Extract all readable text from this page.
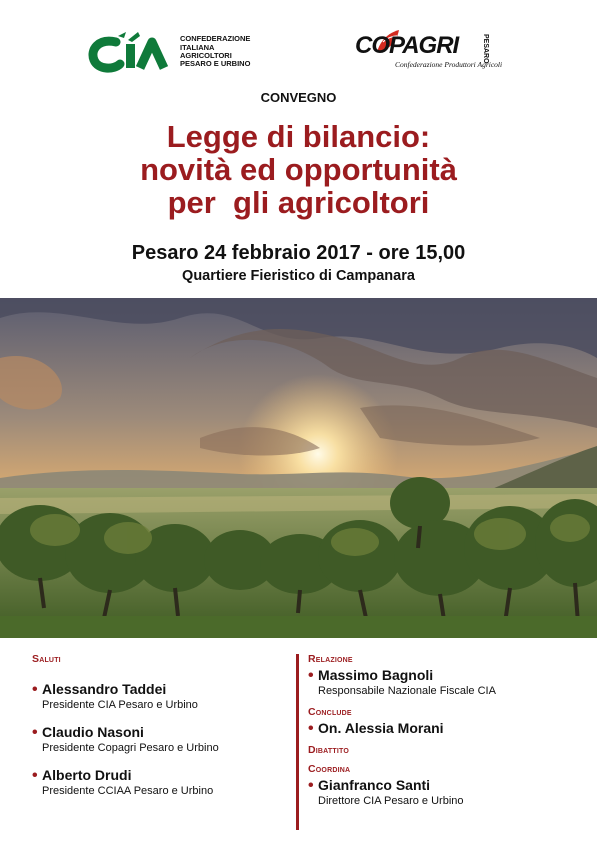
CONFEDERAZIONE
ITALIANA
AGRICOLTORI
PESARO E URBINO
COPAGRI
Confederazione Produttori Agricoli
PESARO
CONVEGNO
Legge di bilancio:
novità ed opportunità
per  gli agricoltori
Pesaro 24 febbraio 2017 - ore 15,00
Quartiere Fieristico di Campanara
Saluti
• Alessandro Taddei
Presidente CIA Pesaro e Urbino
• Claudio Nasoni
Presidente Copagri Pesaro e Urbino
• Alberto Drudi
Presidente CCIAA Pesaro e Urbino
Relazione
• Massimo Bagnoli
Responsabile Nazionale Fiscale CIA
Conclude
• On. Alessia Morani
Dibattito
Coordina
• Gianfranco Santi
Direttore CIA Pesaro e Urbino
